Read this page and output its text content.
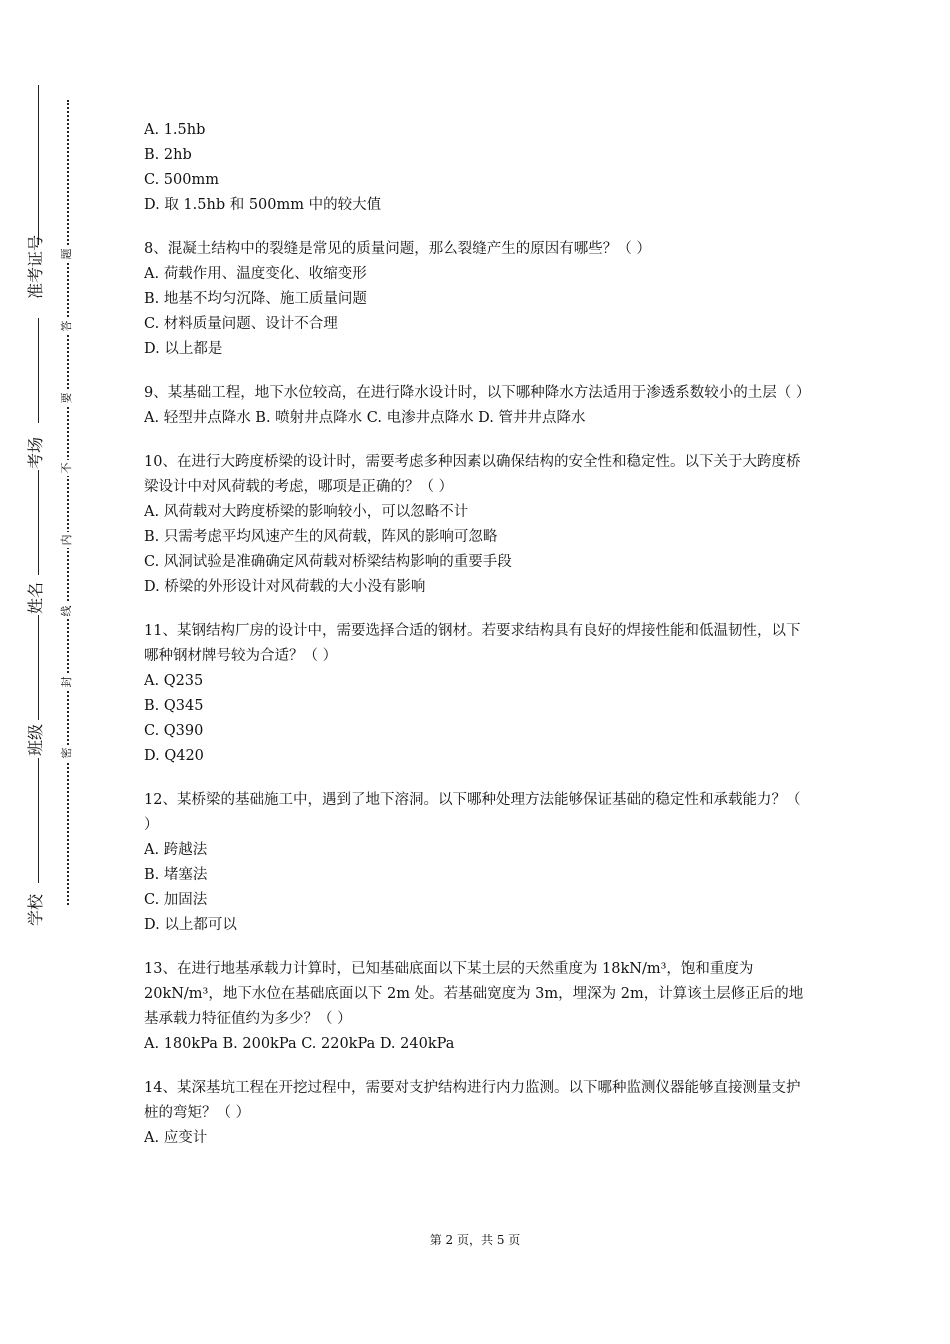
准考证号
考场
姓名
班级
学校
题
答
要
不
内
线
封
密
A. 1.5hb
B. 2hb
C. 500mm
D. 取 1.5hb 和 500mm 中的较大值
8、混凝土结构中的裂缝是常见的质量问题，那么裂缝产生的原因有哪些？（ ）
A. 荷载作用、温度变化、收缩变形
B. 地基不均匀沉降、施工质量问题
C. 材料质量问题、设计不合理
D. 以上都是
9、某基础工程，地下水位较高，在进行降水设计时，以下哪种降水方法适用于渗透系数较小的土层（ ）
A. 轻型井点降水 B. 喷射井点降水 C. 电渗井点降水 D. 管井井点降水
10、在进行大跨度桥梁的设计时，需要考虑多种因素以确保结构的安全性和稳定性。以下关于大跨度桥梁设计中对风荷载的考虑，哪项是正确的？（ ）
A. 风荷载对大跨度桥梁的影响较小，可以忽略不计
B. 只需考虑平均风速产生的风荷载，阵风的影响可忽略
C. 风洞试验是准确确定风荷载对桥梁结构影响的重要手段
D. 桥梁的外形设计对风荷载的大小没有影响
11、某钢结构厂房的设计中，需要选择合适的钢材。若要求结构具有良好的焊接性能和低温韧性，以下哪种钢材牌号较为合适？（ ）
A. Q235
B. Q345
C. Q390
D. Q420
12、某桥梁的基础施工中，遇到了地下溶洞。以下哪种处理方法能够保证基础的稳定性和承载能力？（ ）
A. 跨越法
B. 堵塞法
C. 加固法
D. 以上都可以
13、在进行地基承载力计算时，已知基础底面以下某土层的天然重度为 18kN/m³，饱和重度为 20kN/m³，地下水位在基础底面以下 2m 处。若基础宽度为 3m，埋深为 2m，计算该土层修正后的地基承载力特征值约为多少？（ ）
A. 180kPa B. 200kPa C. 220kPa D. 240kPa
14、某深基坑工程在开挖过程中，需要对支护结构进行内力监测。以下哪种监测仪器能够直接测量支护桩的弯矩？（ ）
A. 应变计
第 2 页，共 5 页
